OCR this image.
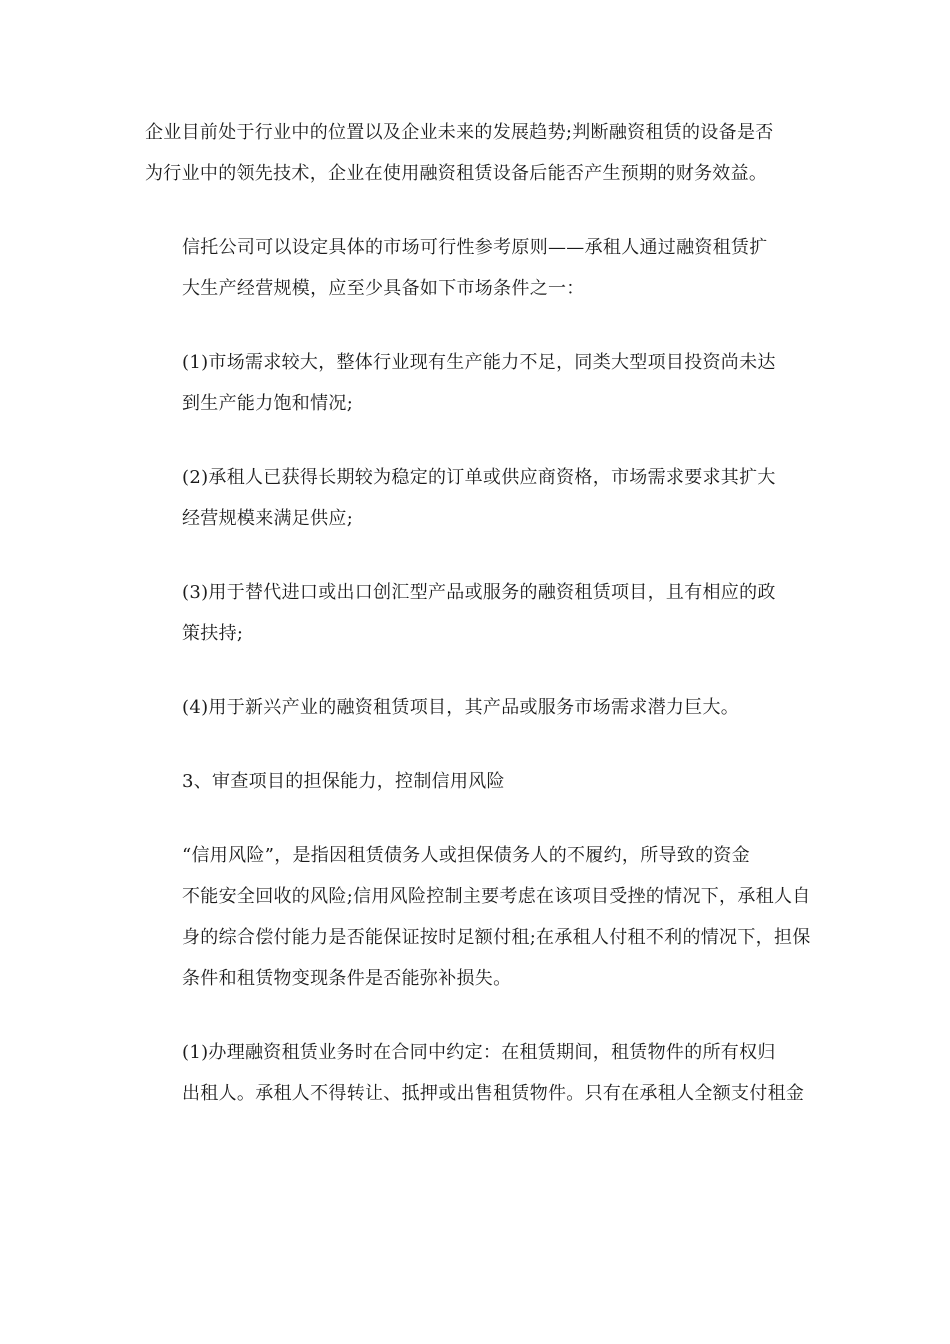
企业目前处于行业中的位置以及企业未来的发展趋势;判断融资租赁的设备是否
为行业中的领先技术，企业在使用融资租赁设备后能否产生预期的财务效益。

信托公司可以设定具体的市场可行性参考原则——承租人通过融资租赁扩
大生产经营规模，应至少具备如下市场条件之一：

(1)市场需求较大，整体行业现有生产能力不足，同类大型项目投资尚未达
到生产能力饱和情况;

(2)承租人已获得长期较为稳定的订单或供应商资格，市场需求要求其扩大
经营规模来满足供应;

(3)用于替代进口或出口创汇型产品或服务的融资租赁项目，且有相应的政
策扶持;

(4)用于新兴产业的融资租赁项目，其产品或服务市场需求潜力巨大。

3、审查项目的担保能力，控制信用风险

“信用风险”，是指因租赁债务人或担保债务人的不履约，所导致的资金
不能安全回收的风险;信用风险控制主要考虑在该项目受挫的情况下，承租人自
身的综合偿付能力是否能保证按时足额付租;在承租人付租不利的情况下，担保
条件和租赁物变现条件是否能弥补损失。

(1)办理融资租赁业务时在合同中约定：在租赁期间，租赁物件的所有权归
出租人。承租人不得转让、抵押或出售租赁物件。只有在承租人全额支付租金
